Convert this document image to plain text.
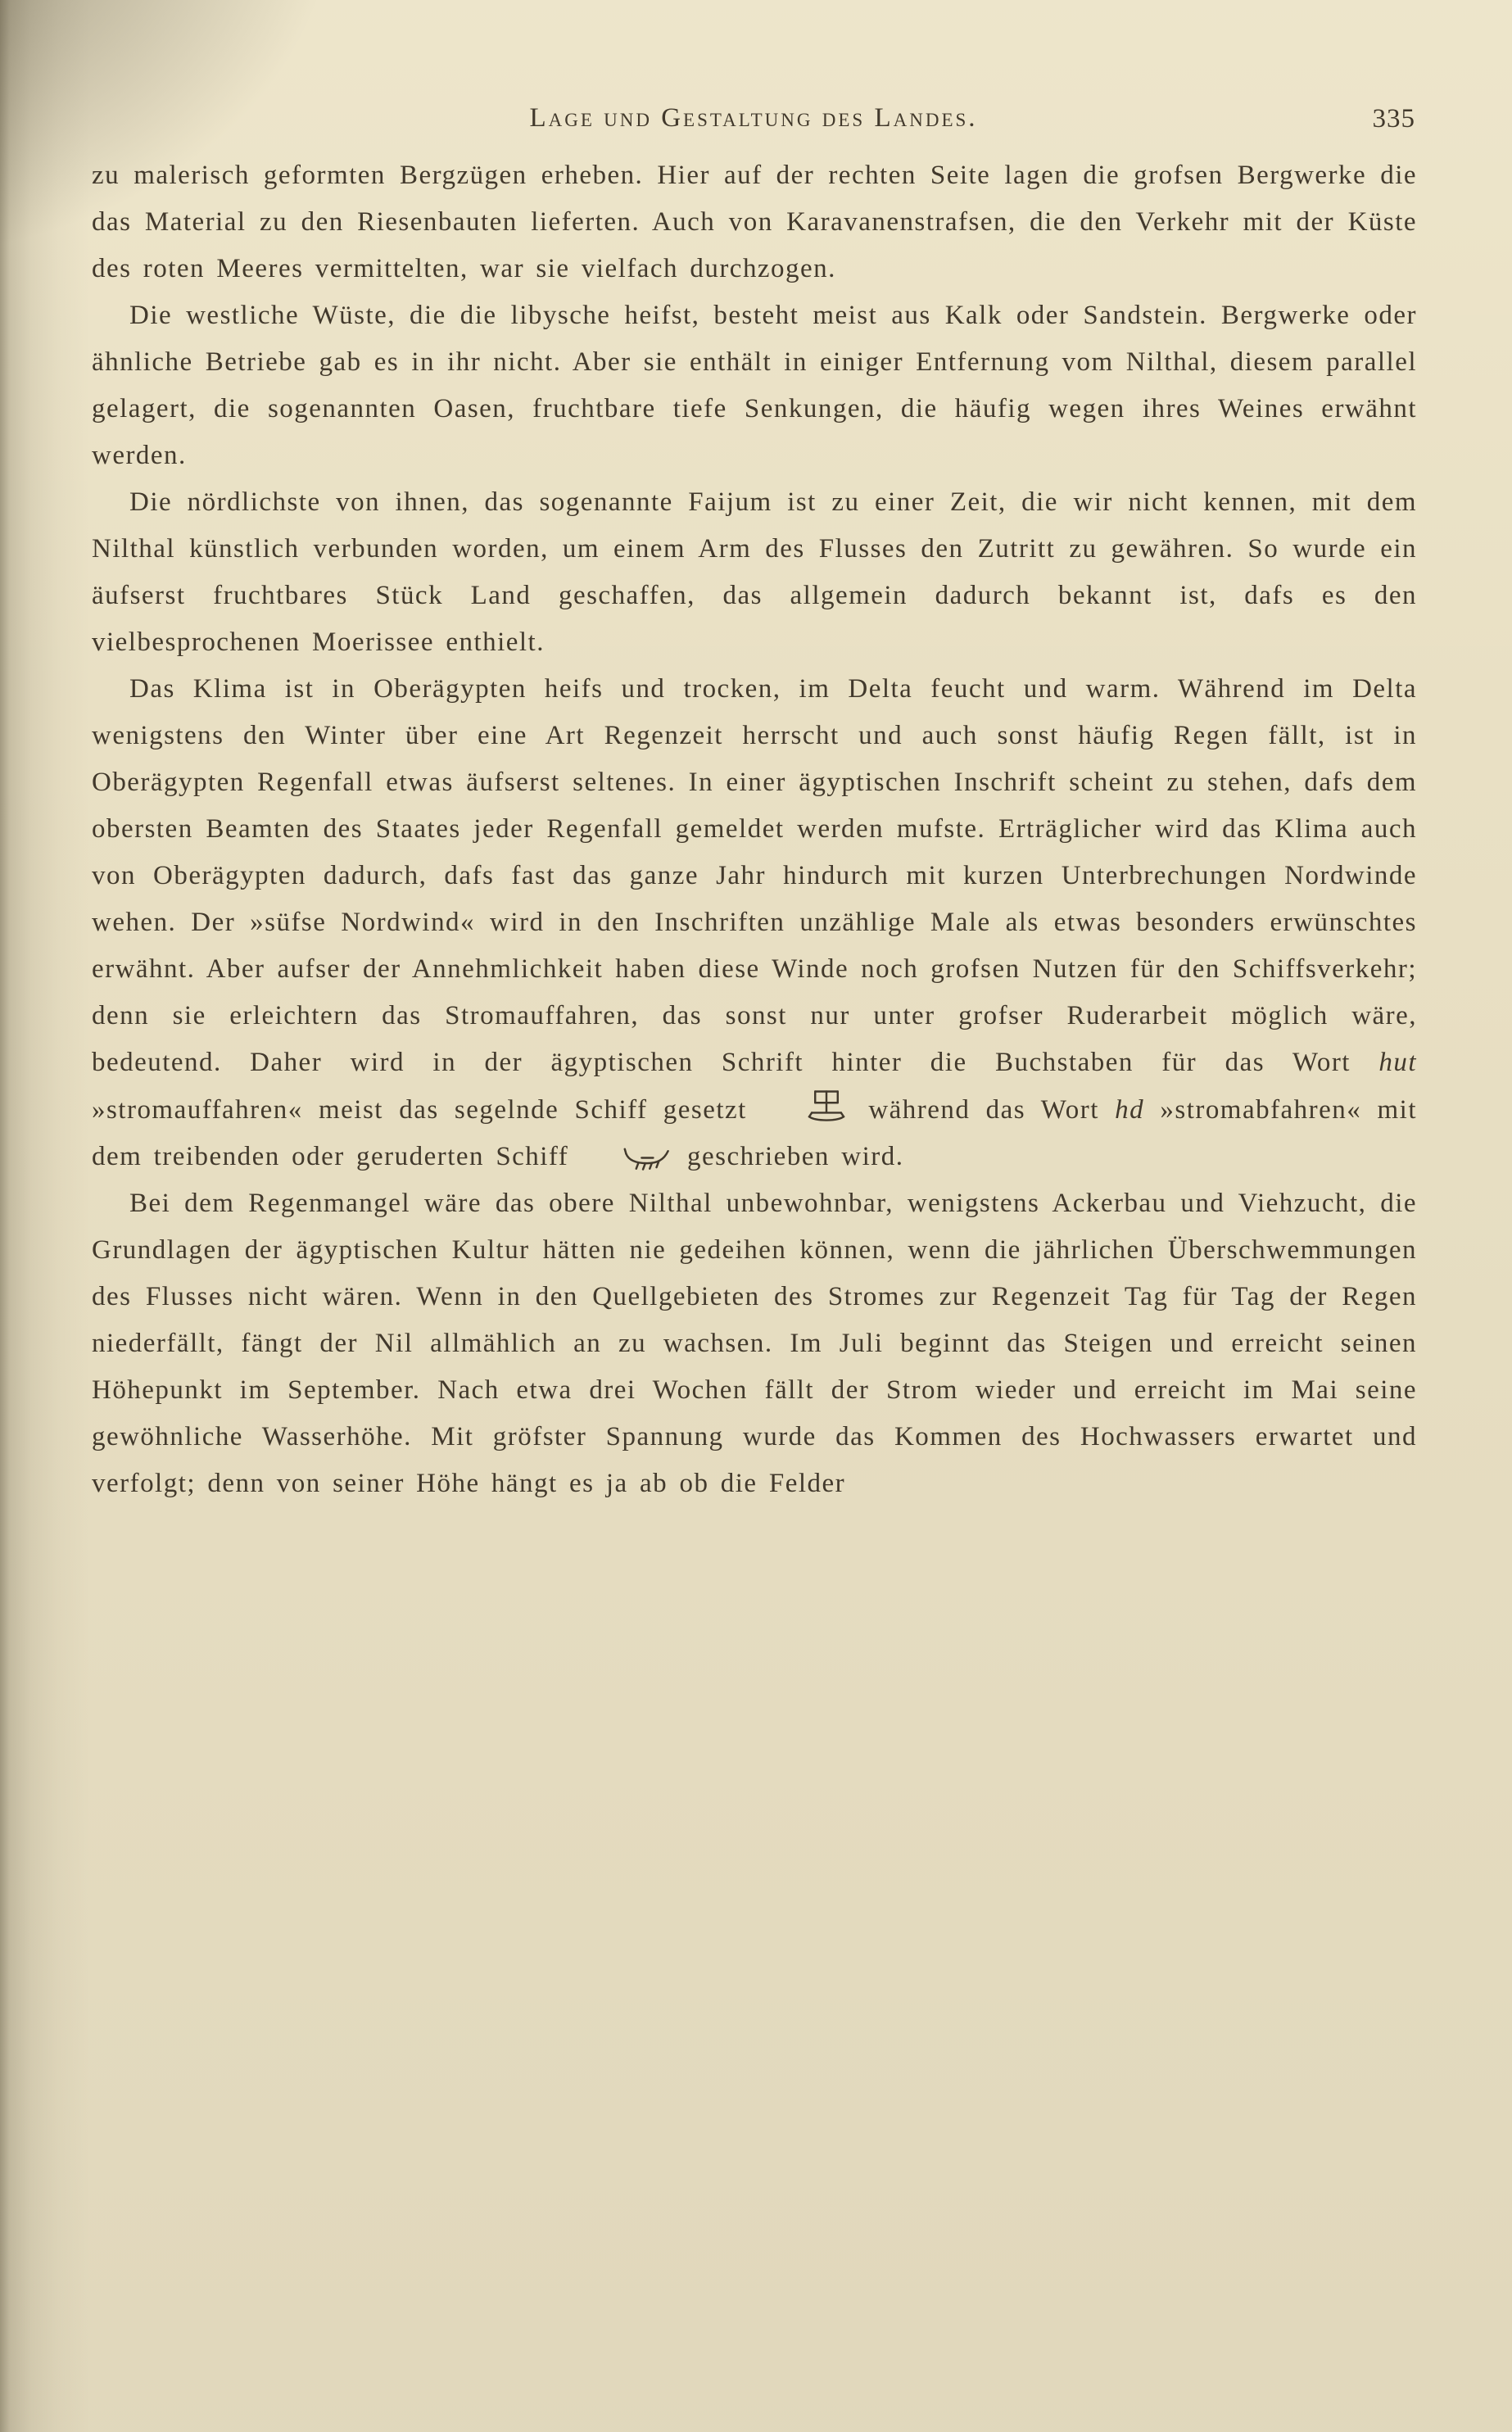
Lage und Gestaltung des Landes.	335

zu malerisch geformten Bergzügen erheben. Hier auf der rechten Seite lagen die grofsen Bergwerke die das Material zu den Riesenbauten lieferten. Auch von Karavanenstrafsen, die den Verkehr mit der Küste des roten Meeres vermittelten, war sie vielfach durchzogen.

Die westliche Wüste, die die libysche heifst, besteht meist aus Kalk oder Sandstein. Bergwerke oder ähnliche Betriebe gab es in ihr nicht. Aber sie enthält in einiger Entfernung vom Nilthal, diesem parallel gelagert, die sogenannten Oasen, fruchtbare tiefe Senkungen, die häufig wegen ihres Weines erwähnt werden.

Die nördlichste von ihnen, das sogenannte Faijum ist zu einer Zeit, die wir nicht kennen, mit dem Nilthal künstlich verbunden worden, um einem Arm des Flusses den Zutritt zu gewähren. So wurde ein äufserst fruchtbares Stück Land geschaffen, das allgemein dadurch bekannt ist, dafs es den vielbesprochenen Moerissee enthielt.

Das Klima ist in Oberägypten heifs und trocken, im Delta feucht und warm. Während im Delta wenigstens den Winter über eine Art Regenzeit herrscht und auch sonst häufig Regen fällt, ist in Oberägypten Regenfall etwas äufserst seltenes. In einer ägyptischen Inschrift scheint zu stehen, dafs dem obersten Beamten des Staates jeder Regenfall gemeldet werden mufste. Erträglicher wird das Klima auch von Oberägypten dadurch, dafs fast das ganze Jahr hindurch mit kurzen Unterbrechungen Nordwinde wehen. Der »süfse Nordwind« wird in den Inschriften unzählige Male als etwas besonders erwünschtes erwähnt. Aber aufser der Annehmlichkeit haben diese Winde noch grofsen Nutzen für den Schiffsverkehr; denn sie erleichtern das Stromauffahren, das sonst nur unter grofser Ruderarbeit möglich wäre, bedeutend. Daher wird in der ägyptischen Schrift hinter die Buchstaben für das Wort hut »stromauffahren« meist das segelnde Schiff gesetzt	während das Wort hd »stromabfahren« mit dem treibenden oder geruderten Schiff	geschrieben wird.

Bei dem Regenmangel wäre das obere Nilthal unbewohnbar, wenigstens Ackerbau und Viehzucht, die Grundlagen der ägyptischen Kultur hätten nie gedeihen können, wenn die jährlichen Überschwemmungen des Flusses nicht wären. Wenn in den Quellgebieten des Stromes zur Regenzeit Tag für Tag der Regen niederfällt, fängt der Nil allmählich an zu wachsen. Im Juli beginnt das Steigen und erreicht seinen Höhepunkt im September. Nach etwa drei Wochen fällt der Strom wieder und erreicht im Mai seine gewöhnliche Wasserhöhe. Mit gröfster Spannung wurde das Kommen des Hochwassers erwartet und verfolgt; denn von seiner Höhe hängt es ja ab ob die Felder
